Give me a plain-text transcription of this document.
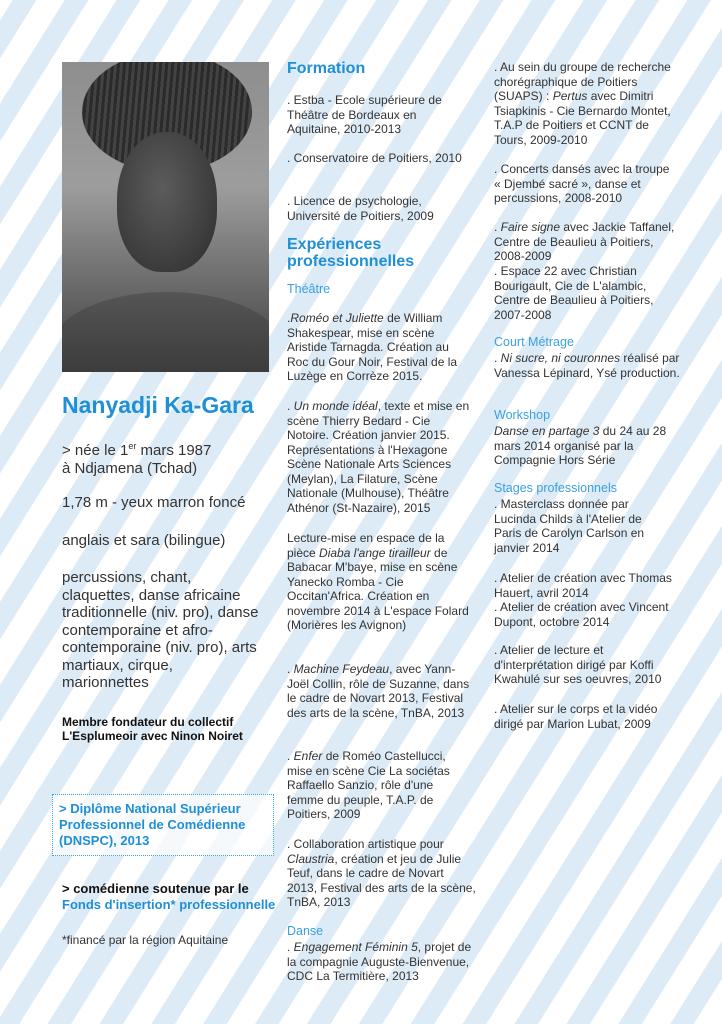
Nanyadji Ka-Gara

> née le 1er mars 1987

à Ndjamena (Tchad)

1,78 m - yeux marron foncé
anglais et sara (bilingue)
percussions, chant, claquettes, danse africaine traditionnelle (niv. pro), danse contemporaine et afro-contemporaine (niv. pro), arts martiaux, cirque, marionnettes
Membre fondateur du collectif L'Esplumeoir avec Ninon Noiret
> Diplôme National Supérieur Professionnel de Comédienne (DNSPC), 2013
> comédienne soutenue par le Fonds d'insertion* professionnelle
*financé par la région Aquitaine
Formation

. Estba - Ecole supérieure de Théâtre de Bordeaux en Aquitaine, 2010-2013

. Conservatoire de Poitiers, 2010

. Licence de psychologie, Université de Poitiers, 2009

Expériences professionnelles
Théâtre

.Roméo et Juliette de William Shakespear, mise en scène Aristide Tarnagda. Création au Roc du Gour Noir, Festival de la Luzège en Corrèze 2015.

. Un monde idéal, texte et mise en scène Thierry Bedard - Cie Notoire. Création janvier 2015. Représentations à l'Hexagone Scène Nationale Arts Sciences (Meylan), La Filature, Scène Nationale (Mulhouse), Théâtre Athénor (St-Nazaire), 2015

Lecture-mise en espace de la pièce Diaba l'ange tirailleur de Babacar M'baye, mise en scène Yanecko Romba - Cie Occitan'Africa. Création en novembre 2014 à L'espace Folard (Morières les Avignon)

. Machine Feydeau, avec Yann-Joël Collin, rôle de Suzanne, dans le cadre de Novart 2013, Festival des arts de la scène, TnBA, 2013

. Enfer de Roméo Castellucci, mise en scène Cie La sociétas Raffaello Sanzio, rôle d'une femme du peuple, T.A.P. de Poitiers, 2009

. Collaboration artistique pour Claustria, création et jeu de Julie Teuf, dans le cadre de Novart 2013, Festival des arts de la scène, TnBA, 2013

Danse

. Engagement Féminin 5, projet de la compagnie Auguste-Bienvenue, CDC La Termitière, 2013

. Au sein du groupe de recherche chorégraphique de Poitiers (SUAPS) : Pertus avec Dimitri Tsiapkinis - Cie Bernardo Montet, T.A.P de Poitiers et CCNT de Tours, 2009-2010

. Concerts dansés avec la troupe « Djembé sacré », danse et percussions, 2008-2010

. Faire signe avec Jackie Taffanel, Centre de Beaulieu à Poitiers, 2008-2009

. Espace 22 avec Christian Bourigault, Cie de L'alambic, Centre de Beaulieu à Poitiers, 2007-2008

Court Métrage

. Ni sucre, ni couronnes réalisé par Vanessa Lépinard, Ysé production.

Workshop

Danse en partage 3 du 24 au 28 mars 2014 organisé par la Compagnie Hors Série

Stages professionnels

. Masterclass donnée par Lucinda Childs à l'Atelier de Paris de Carolyn Carlson en janvier 2014

. Atelier de création avec Thomas Hauert, avril 2014

. Atelier de création avec Vincent Dupont, octobre 2014

. Atelier de lecture et d'interprétation dirigé par Koffi Kwahulé sur ses oeuvres, 2010

. Atelier sur le corps et la vidéo dirigé par Marion Lubat, 2009
